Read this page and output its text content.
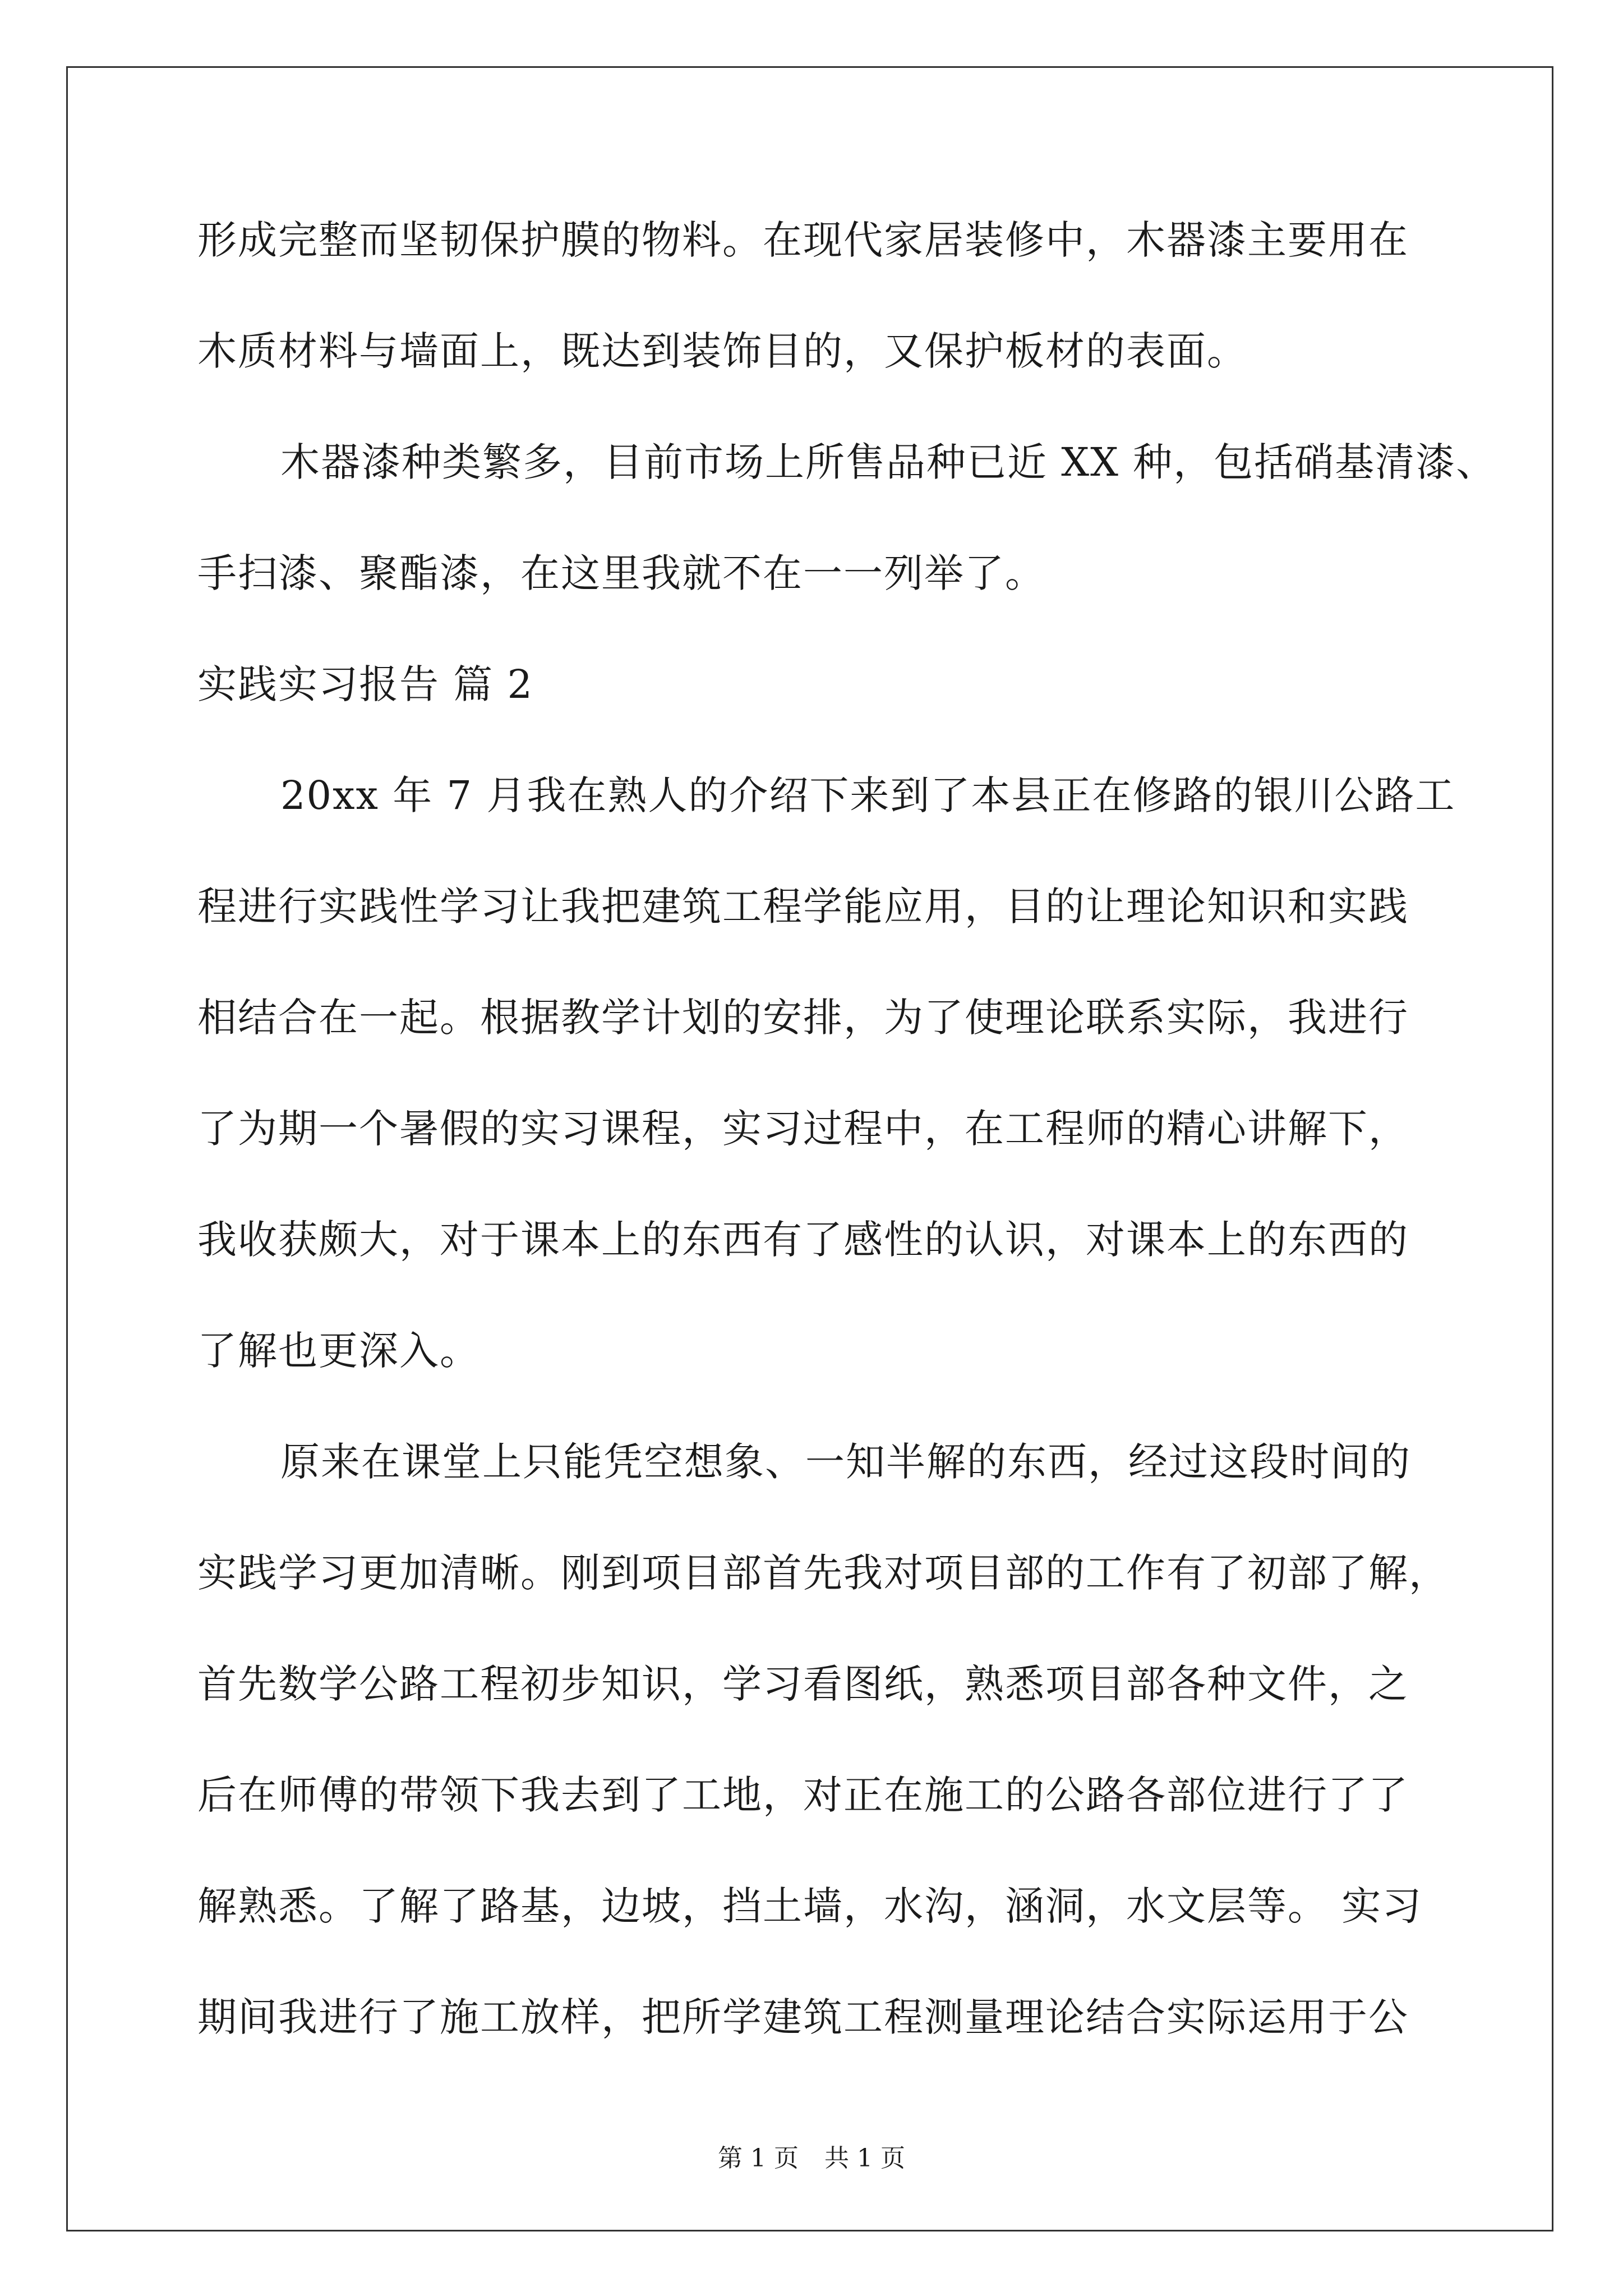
形成完整而坚韧保护膜的物料。在现代家居装修中，木器漆主要用在
木质材料与墙面上，既达到装饰目的，又保护板材的表面。
木器漆种类繁多，目前市场上所售品种已近 XX 种，包括硝基清漆、
手扫漆、聚酯漆，在这里我就不在一一列举了。
实践实习报告 篇 2
20xx 年 7 月我在熟人的介绍下来到了本县正在修路的银川公路工
程进行实践性学习让我把建筑工程学能应用，目的让理论知识和实践
相结合在一起。根据教学计划的安排，为了使理论联系实际，我进行
了为期一个暑假的实习课程，实习过程中，在工程师的精心讲解下，
我收获颇大，对于课本上的东西有了感性的认识，对课本上的东西的
了解也更深入。
原来在课堂上只能凭空想象、一知半解的东西，经过这段时间的
实践学习更加清晰。刚到项目部首先我对项目部的工作有了初部了解，
首先数学公路工程初步知识，学习看图纸，熟悉项目部各种文件，之
后在师傅的带领下我去到了工地，对正在施工的公路各部位进行了了
解熟悉。了解了路基，边坡，挡土墙，水沟，涵洞，水文层等。 实习
期间我进行了施工放样，把所学建筑工程测量理论结合实际运用于公
第 1 页 共 1 页
